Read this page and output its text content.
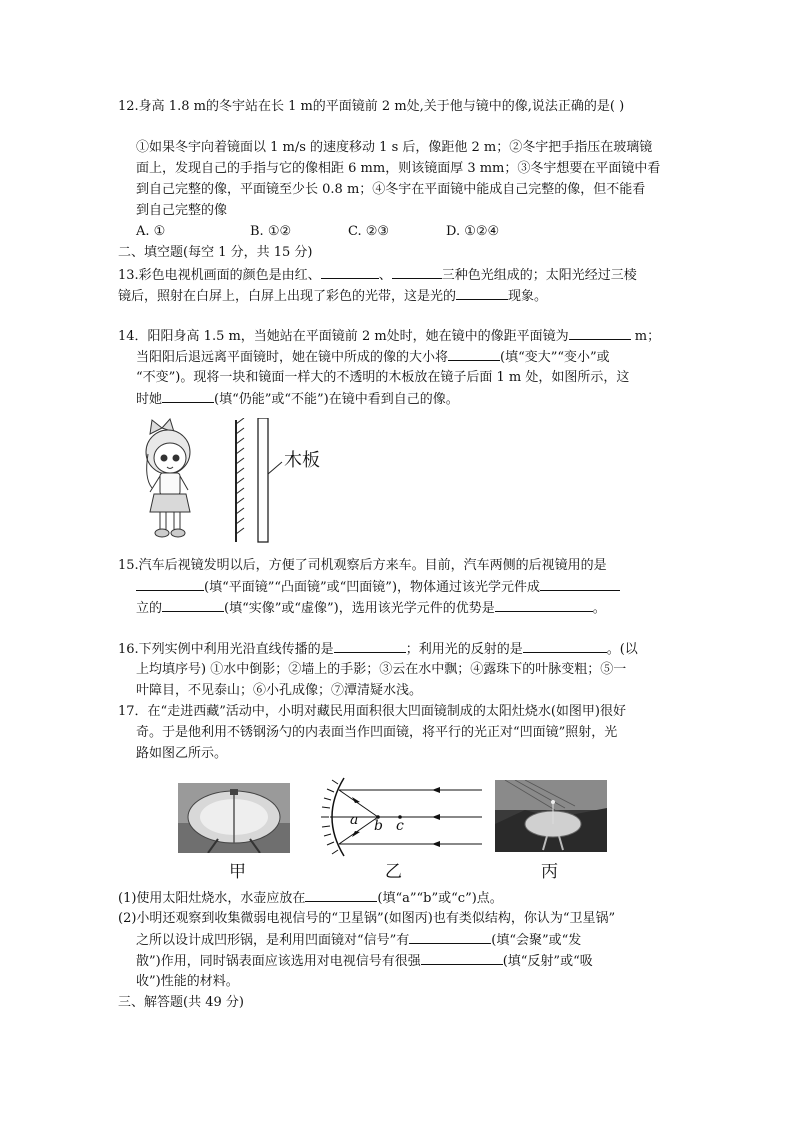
12.身高 1.8 m的冬宇站在长 1 m的平面镜前 2 m处,关于他与镜中的像,说法正确的是( )
①如果冬宇向着镜面以 1 m/s 的速度移动 1 s 后，像距他 2 m；②冬宇把手指压在玻璃镜
面上，发现自己的手指与它的像相距 6 mm，则该镜面厚 3 mm；③冬宇想要在平面镜中看
到自己完整的像，平面镜至少长 0.8 m；④冬宇在平面镜中能成自己完整的像，但不能看
到自己完整的像
A. ①	B. ①②	C. ②③	D. ①②④
二、填空题(每空 1 分，共 15 分)
13.彩色电视机画面的颜色是由红、	、	三种色光组成的；太阳光经过三棱
镜后，照射在白屏上，白屏上出现了彩色的光带，这是光的	现象。
14．阳阳身高 1.5 m，当她站在平面镜前 2 m处时，她在镜中的像距平面镜为	m；
当阳阳后退远离平面镜时，她在镜中所成的像的大小将	(填“变大”“变小”或
“不变”)。现将一块和镜面一样大的不透明的木板放在镜子后面 1 m 处，如图所示，这
时她	(填“仍能”或“不能”)在镜中看到自己的像。
木板
15.汽车后视镜发明以后，方便了司机观察后方来车。目前，汽车两侧的后视镜用的是
(填“平面镜”“凸面镜”或“凹面镜”)，物体通过该光学元件成
立的	(填“实像”或“虚像”)，选用该光学元件的优势是	。
16.下列实例中利用光沿直线传播的是	；利用光的反射的是	。(以
上均填序号) ①水中倒影；②墙上的手影；③云在水中飘；④露珠下的叶脉变粗；⑤一
叶障目，不见泰山；⑥小孔成像；⑦潭清疑水浅。
17．在“走进西藏”活动中，小明对藏民用面积很大凹面镜制成的太阳灶烧水(如图甲)很好
奇。于是他利用不锈钢汤勺的内表面当作凹面镜，将平行的光正对“凹面镜”照射，光
路如图乙所示。
a b c
甲	乙	丙
(1)使用太阳灶烧水，水壶应放在	(填“a”“b”或“c”)点。
(2)小明还观察到收集微弱电视信号的“卫星锅”(如图丙)也有类似结构，你认为“卫星锅”
之所以设计成凹形锅，是利用凹面镜对“信号”有	(填“会聚”或“发
散”)作用，同时锅表面应该选用对电视信号有很强	(填“反射”或“吸
收”)性能的材料。
三、解答题(共 49 分)
